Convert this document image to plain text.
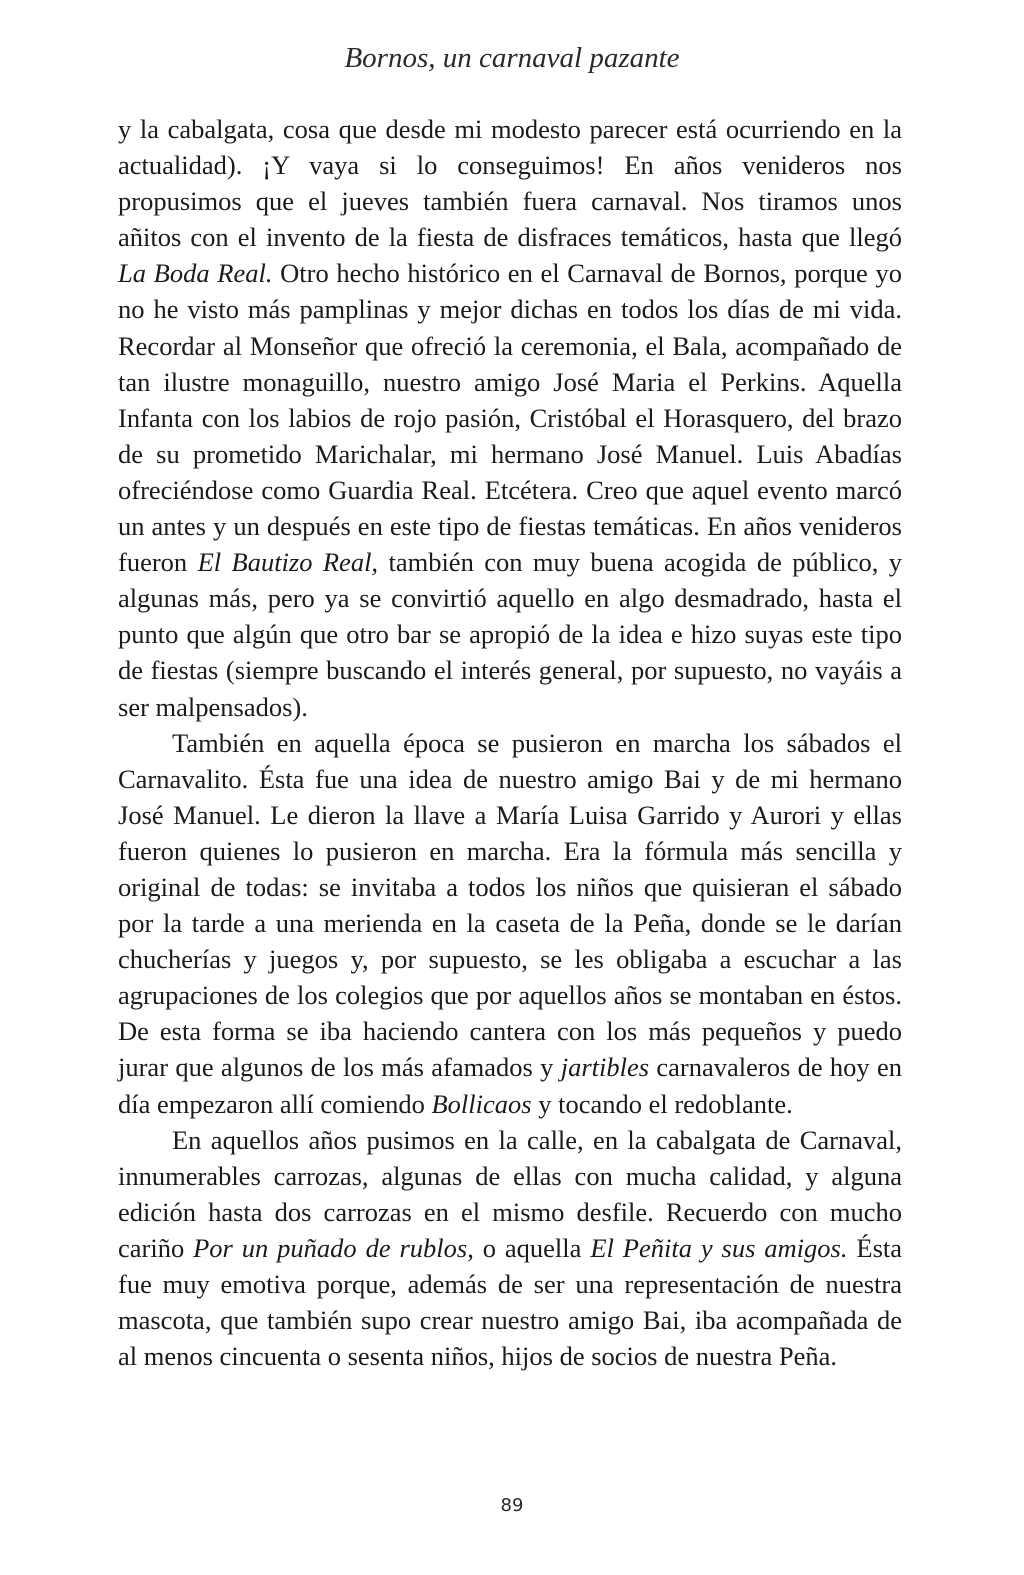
Bornos, un carnaval pazante

y la cabalgata, cosa que desde mi modesto parecer está ocurriendo en la actualidad). ¡Y vaya si lo conseguimos! En años venideros nos propusimos que el jueves también fuera carnaval. Nos tiramos unos añitos con el invento de la fiesta de disfraces temáticos, hasta que llegó La Boda Real. Otro hecho histórico en el Carnaval de Bornos, porque yo no he visto más pamplinas y mejor dichas en todos los días de mi vida. Recordar al Monseñor que ofreció la ceremonia, el Bala, acompañado de tan ilustre monaguillo, nuestro amigo José Maria el Perkins. Aquella Infanta con los labios de rojo pasión, Cristóbal el Horasquero, del brazo de su prometido Marichalar, mi hermano José Manuel. Luis Abadías ofreciéndose como Guardia Real. Etcétera. Creo que aquel evento marcó un antes y un después en este tipo de fiestas temáticas. En años venideros fueron El Bautizo Real, también con muy buena acogida de público, y algunas más, pero ya se convirtió aquello en algo desmadrado, hasta el punto que algún que otro bar se apropió de la idea e hizo suyas este tipo de fiestas (siempre buscando el interés general, por supuesto, no vayáis a ser malpensados).

También en aquella época se pusieron en marcha los sábados el Carnavalito. Ésta fue una idea de nuestro amigo Bai y de mi hermano José Manuel. Le dieron la llave a María Luisa Garrido y Aurori y ellas fueron quienes lo pusieron en marcha. Era la fórmula más sencilla y original de todas: se invitaba a todos los niños que quisieran el sábado por la tarde a una merienda en la caseta de la Peña, donde se le darían chucherías y juegos y, por supuesto, se les obligaba a escuchar a las agrupaciones de los colegios que por aquellos años se montaban en éstos. De esta forma se iba haciendo cantera con los más pequeños y puedo jurar que algunos de los más afamados y jartibles carnavaleros de hoy en día empezaron allí comiendo Bollicaos y tocando el redoblante.

En aquellos años pusimos en la calle, en la cabalgata de Carnaval, innumerables carrozas, algunas de ellas con mucha calidad, y alguna edición hasta dos carrozas en el mismo desfile. Recuerdo con mucho cariño Por un puñado de rublos, o aquella El Peñita y sus amigos. Ésta fue muy emotiva porque, además de ser una representación de nuestra mascota, que también supo crear nuestro amigo Bai, iba acompañada de al menos cincuenta o sesenta niños, hijos de socios de nuestra Peña.

89
